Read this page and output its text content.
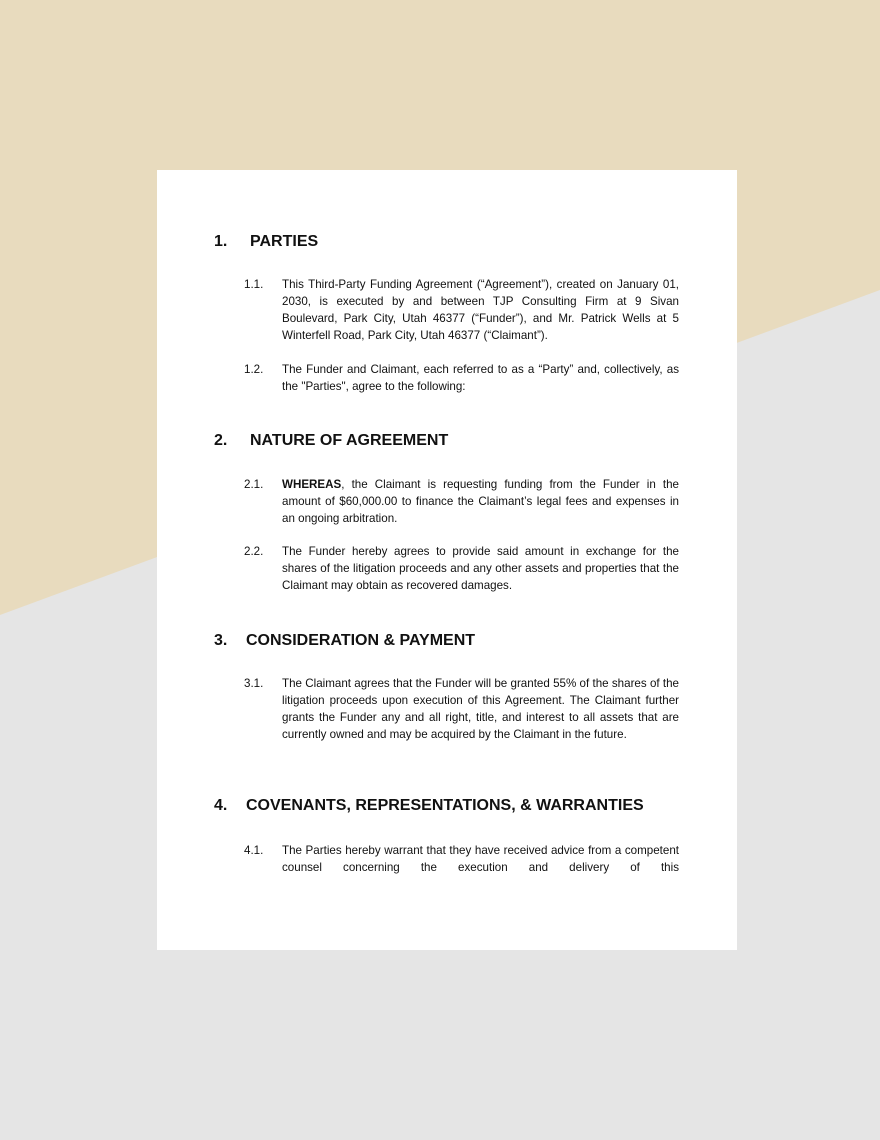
1. PARTIES
1.1. This Third-Party Funding Agreement (“Agreement”), created on January 01, 2030, is executed by and between TJP Consulting Firm at 9 Sivan Boulevard, Park City, Utah 46377 (“Funder”), and Mr. Patrick Wells at 5 Winterfell Road, Park City, Utah 46377 (“Claimant”).
1.2. The Funder and Claimant, each referred to as a “Party” and, collectively, as the "Parties", agree to the following:
2. NATURE OF AGREEMENT
2.1. WHEREAS, the Claimant is requesting funding from the Funder in the amount of $60,000.00 to finance the Claimant’s legal fees and expenses in an ongoing arbitration.
2.2. The Funder hereby agrees to provide said amount in exchange for the shares of the litigation proceeds and any other assets and properties that the Claimant may obtain as recovered damages.
3. CONSIDERATION & PAYMENT
3.1. The Claimant agrees that the Funder will be granted 55% of the shares of the litigation proceeds upon execution of this Agreement. The Claimant further grants the Funder any and all right, title, and interest to all assets that are currently owned and may be acquired by the Claimant in the future.
4. COVENANTS, REPRESENTATIONS, & WARRANTIES
4.1. The Parties hereby warrant that they have received advice from a competent counsel concerning the execution and delivery of this
